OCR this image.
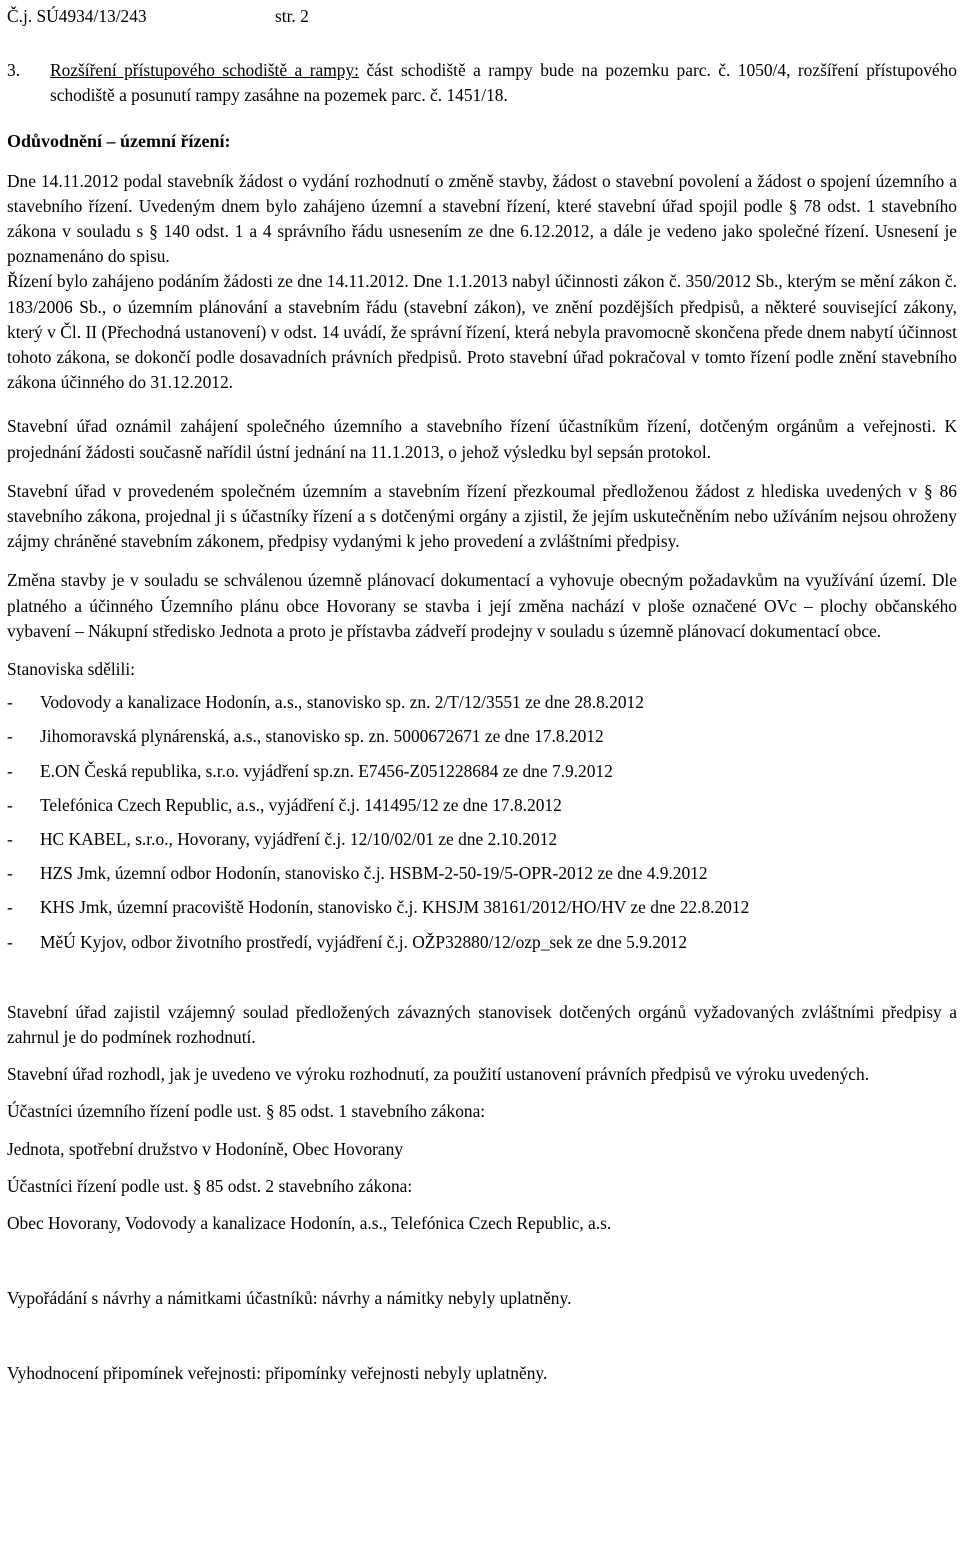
Č.j. SÚ4934/13/243	str. 2
3.	Rozšíření přístupového schodiště a rampy: část schodiště a rampy bude na pozemku parc. č. 1050/4, rozšíření přístupového schodiště a posunutí rampy zasáhne na pozemek parc. č. 1451/18.
Odůvodnění – územní řízení:

Dne 14.11.2012 podal stavebník žádost o vydání rozhodnutí o změně stavby, žádost o stavební povolení a žádost o spojení územního a stavebního řízení. Uvedeným dnem bylo zahájeno územní a stavební řízení, které stavební úřad spojil podle § 78 odst. 1 stavebního zákona v souladu s § 140 odst. 1 a 4 správního řádu usnesením ze dne 6.12.2012, a dále je vedeno jako společné řízení. Usnesení je poznamenáno do spisu.

Řízení bylo zahájeno podáním žádosti ze dne 14.11.2012. Dne 1.1.2013 nabyl účinnosti zákon č. 350/2012 Sb., kterým se mění zákon č. 183/2006 Sb., o územním plánování a stavebním řádu (stavební zákon), ve znění pozdějších předpisů, a některé související zákony, který v Čl. II (Přechodná ustanovení) v odst. 14 uvádí, že správní řízení, která nebyla pravomocně skončena přede dnem nabytí účinnost tohoto zákona, se dokončí podle dosavadních právních předpisů. Proto stavební úřad pokračoval v tomto řízení podle znění stavebního zákona účinného do 31.12.2012.

Stavební úřad oznámil zahájení společného územního a stavebního řízení účastníkům řízení, dotčeným orgánům a veřejnosti. K projednání žádosti současně nařídil ústní jednání na 11.1.2013, o jehož výsledku byl sepsán protokol.

Stavební úřad v provedeném společném územním a stavebním řízení přezkoumal předloženou žádost z hlediska uvedených v § 86 stavebního zákona, projednal ji s účastníky řízení a s dotčenými orgány a zjistil, že jejím uskutečněním nebo užíváním nejsou ohroženy zájmy chráněné stavebním zákonem, předpisy vydanými k jeho provedení a zvláštními předpisy.

Změna stavby je v souladu se schválenou územně plánovací dokumentací a vyhovuje obecným požadavkům na využívání území. Dle platného a účinného Územního plánu obce Hovorany se stavba i její změna nachází v ploše označené OVc – plochy občanského vybavení – Nákupní středisko Jednota a proto je přístavba zádveří prodejny v souladu s územně plánovací dokumentací obce.

Stanoviska sdělili:
-	Vodovody a kanalizace Hodonín, a.s., stanovisko sp. zn. 2/T/12/3551 ze dne 28.8.2012
-	Jihomoravská plynárenská, a.s., stanovisko sp. zn. 5000672671 ze dne 17.8.2012
-	E.ON Česká republika, s.r.o. vyjádření sp.zn. E7456-Z051228684 ze dne 7.9.2012
-	Telefónica Czech Republic, a.s., vyjádření č.j. 141495/12 ze dne 17.8.2012
-	HC KABEL, s.r.o., Hovorany, vyjádření č.j. 12/10/02/01 ze dne 2.10.2012
-	HZS Jmk, územní odbor Hodonín, stanovisko č.j. HSBM-2-50-19/5-OPR-2012 ze dne 4.9.2012
-	KHS Jmk, územní pracoviště Hodonín, stanovisko č.j. KHSJM 38161/2012/HO/HV ze dne 22.8.2012
-	MěÚ Kyjov, odbor životního prostředí, vyjádření č.j. OŽP32880/12/ozp_sek ze dne 5.9.2012

Stavební úřad zajistil vzájemný soulad předložených závazných stanovisek dotčených orgánů vyžadovaných zvláštními předpisy a zahrnul je do podmínek rozhodnutí.

Stavební úřad rozhodl, jak je uvedeno ve výroku rozhodnutí, za použití ustanovení právních předpisů ve výroku uvedených.

Účastníci územního řízení podle ust. § 85 odst. 1 stavebního zákona:
Jednota, spotřební družstvo v Hodoníně, Obec Hovorany
Účastníci řízení podle ust. § 85 odst. 2 stavebního zákona:
Obec Hovorany, Vodovody a kanalizace Hodonín, a.s., Telefónica Czech Republic, a.s.
Vypořádání s návrhy a námitkami účastníků: návrhy a námitky nebyly uplatněny.
Vyhodnocení připomínek veřejnosti: připomínky veřejnosti nebyly uplatněny.
